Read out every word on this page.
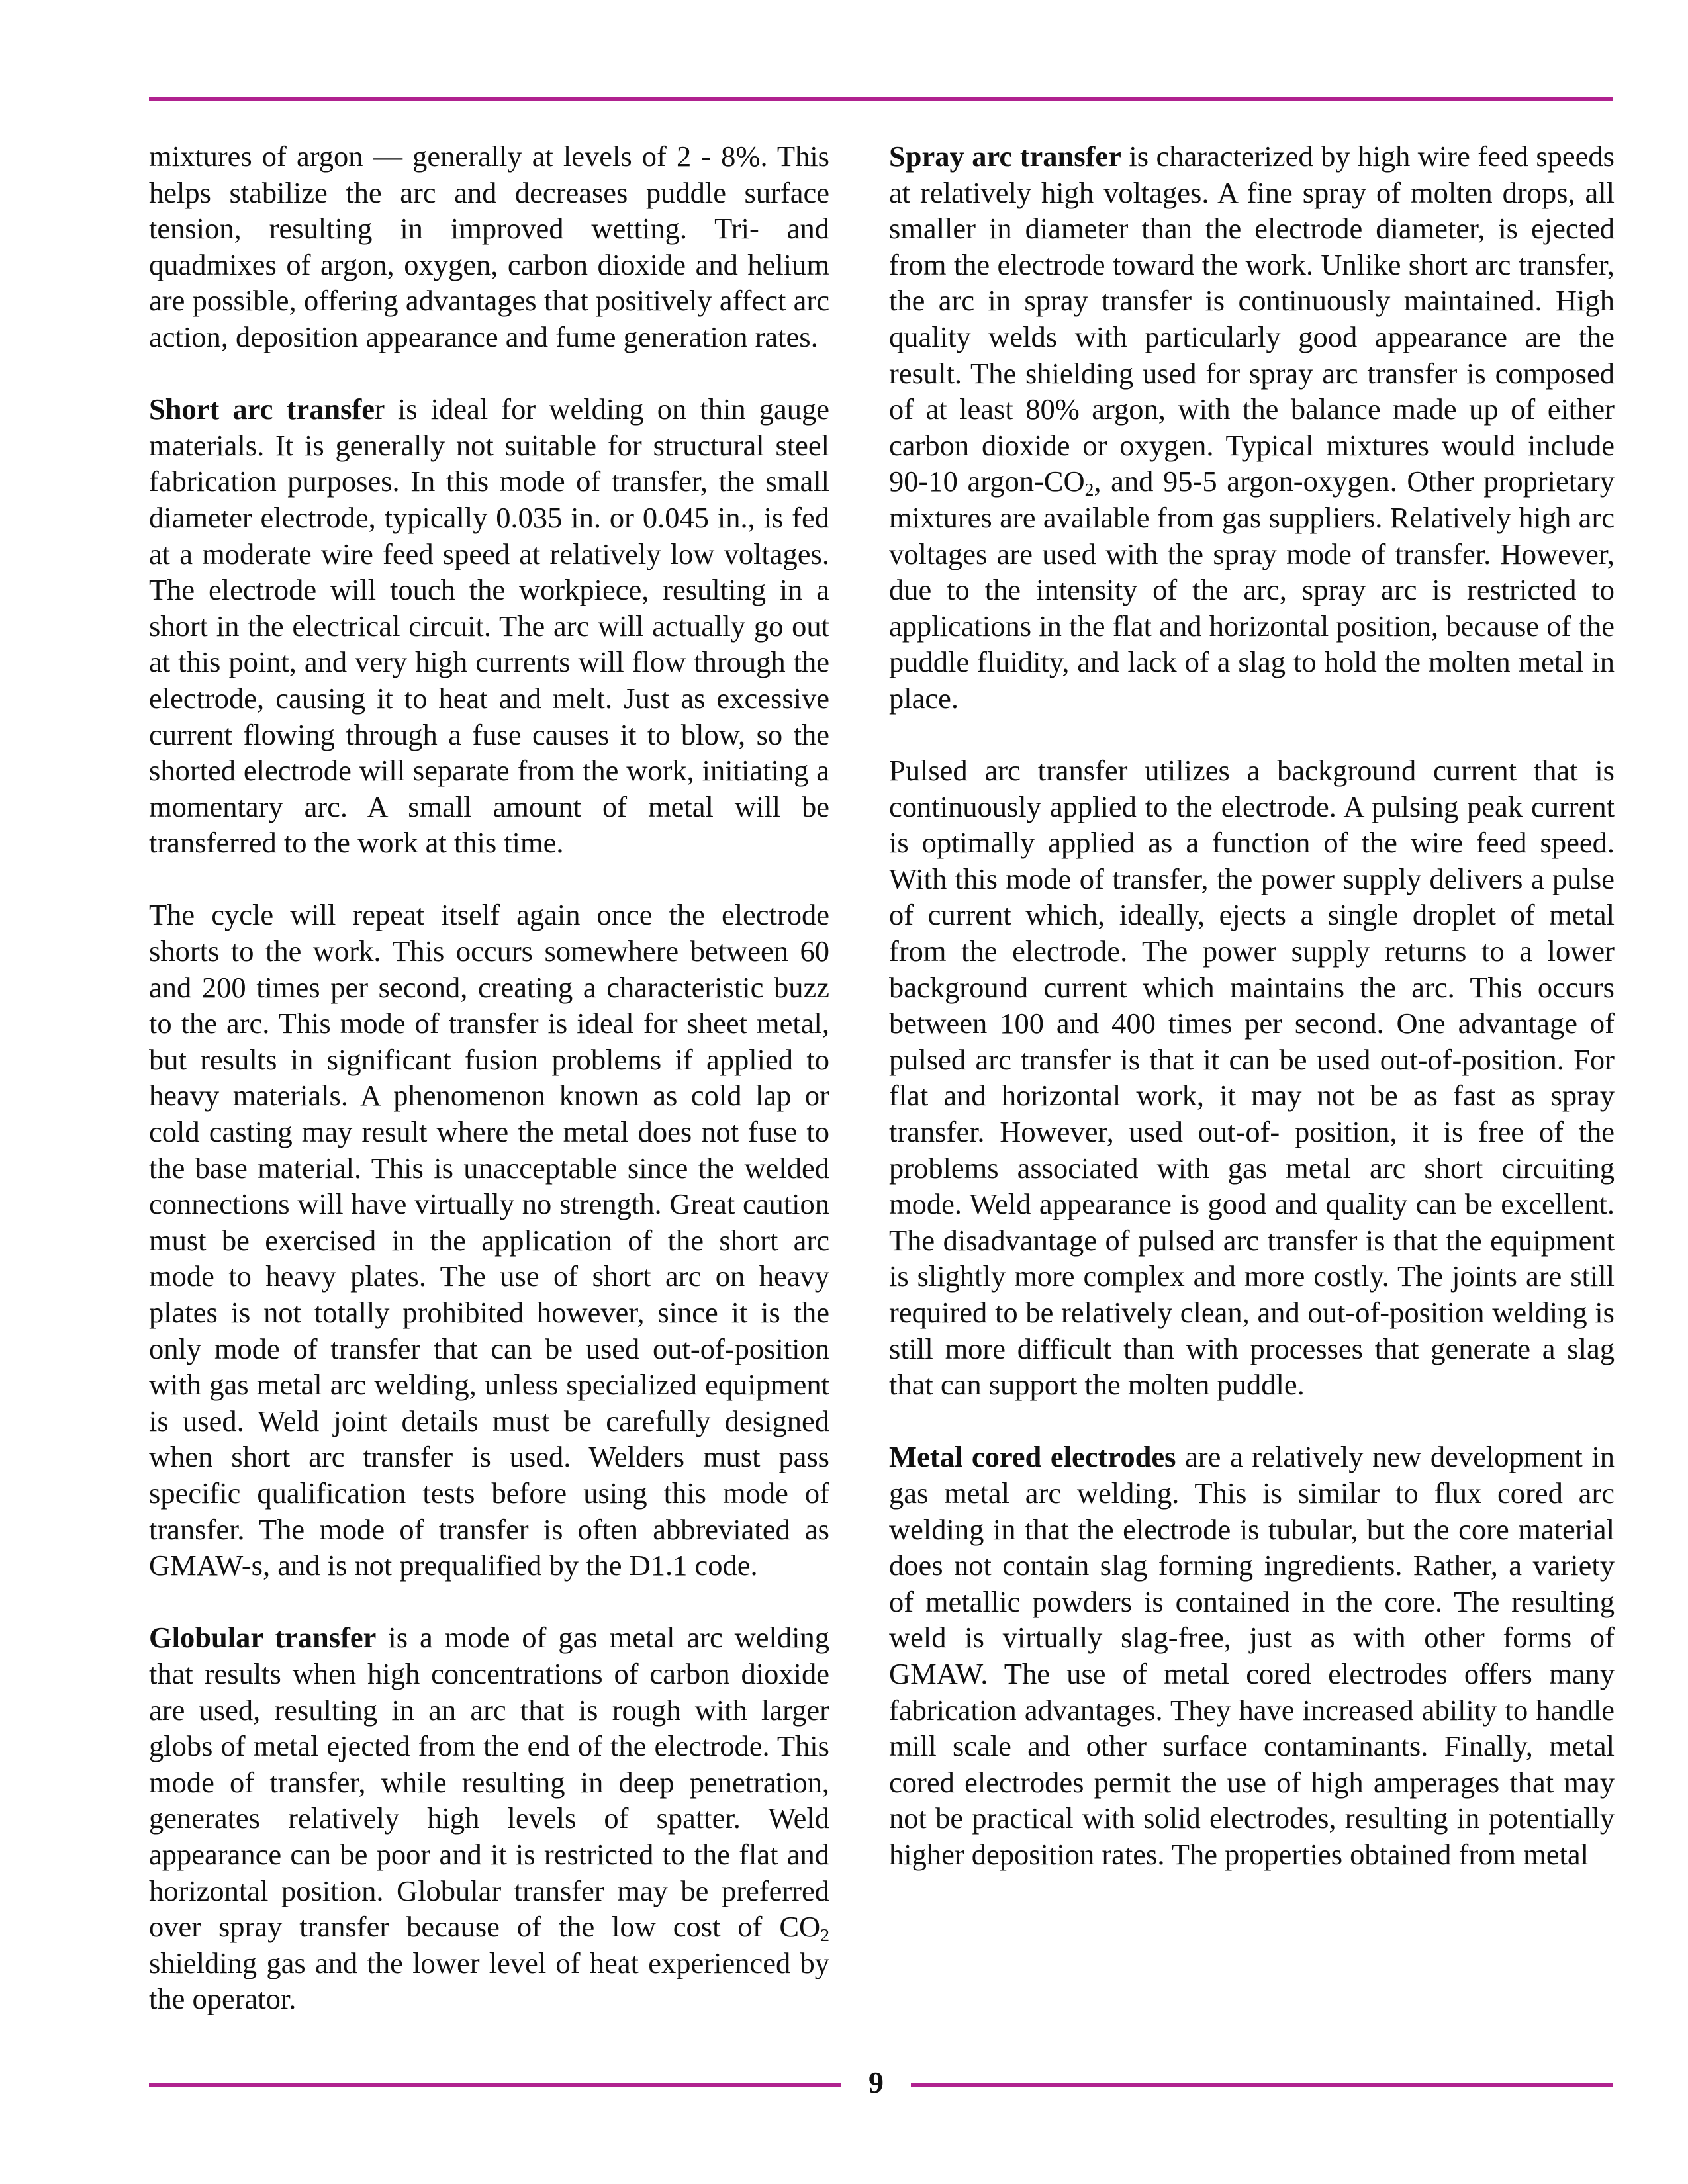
mixtures of argon — generally at levels of 2 - 8%. This helps stabilize the arc and decreases puddle surface tension, resulting in improved wetting. Tri- and quadmixes of argon, oxygen, carbon dioxide and helium are possible, offering advantages that positively affect arc action, deposition appearance and fume generation rates.

Short arc transfer is ideal for welding on thin gauge materials. It is generally not suitable for structural steel fabrication purposes. In this mode of transfer, the small diameter electrode, typically 0.035 in. or 0.045 in., is fed at a moderate wire feed speed at relatively low voltages. The electrode will touch the workpiece, resulting in a short in the electrical circuit. The arc will actually go out at this point, and very high currents will flow through the electrode, causing it to heat and melt. Just as excessive current flowing through a fuse causes it to blow, so the shorted electrode will separate from the work, initiating a momentary arc. A small amount of metal will be transferred to the work at this time.

The cycle will repeat itself again once the electrode shorts to the work. This occurs somewhere between 60 and 200 times per second, creating a characteristic buzz to the arc. This mode of transfer is ideal for sheet metal, but results in significant fusion problems if applied to heavy materials. A phenomenon known as cold lap or cold casting may result where the metal does not fuse to the base material. This is unacceptable since the welded connections will have virtually no strength. Great caution must be exercised in the application of the short arc mode to heavy plates. The use of short arc on heavy plates is not totally prohibited however, since it is the only mode of transfer that can be used out-of-position with gas metal arc welding, unless specialized equipment is used. Weld joint details must be carefully designed when short arc transfer is used. Welders must pass specific qualification tests before using this mode of transfer. The mode of transfer is often abbreviated as GMAW-s, and is not prequalified by the D1.1 code.

Globular transfer is a mode of gas metal arc welding that results when high concentrations of carbon dioxide are used, resulting in an arc that is rough with larger globs of metal ejected from the end of the electrode. This mode of transfer, while resulting in deep penetration, generates relatively high levels of spatter. Weld appearance can be poor and it is restricted to the flat and horizontal position. Globular transfer may be preferred over spray transfer because of the low cost of $CO_2$ shielding gas and the lower level of heat experienced by the operator.

Spray arc transfer is characterized by high wire feed speeds at relatively high voltages. A fine spray of molten drops, all smaller in diameter than the electrode diameter, is ejected from the electrode toward the work. Unlike short arc transfer, the arc in spray transfer is continuously maintained. High quality welds with particularly good appearance are the result. The shielding used for spray arc transfer is composed of at least 80% argon, with the balance made up of either carbon dioxide or oxygen. Typical mixtures would include 90-10 argon-$CO_2$, and 95-5 argon-oxygen. Other proprietary mixtures are available from gas suppliers. Relatively high arc voltages are used with the spray mode of transfer. However, due to the intensity of the arc, spray arc is restricted to applications in the flat and horizontal position, because of the puddle fluidity, and lack of a slag to hold the molten metal in place.

Pulsed arc transfer utilizes a background current that is continuously applied to the electrode. A pulsing peak current is optimally applied as a function of the wire feed speed. With this mode of transfer, the power supply delivers a pulse of current which, ideally, ejects a single droplet of metal from the electrode. The power supply returns to a lower background current which maintains the arc. This occurs between 100 and 400 times per second. One advantage of pulsed arc transfer is that it can be used out-of-position. For flat and horizontal work, it may not be as fast as spray transfer. However, used out-of- position, it is free of the problems associated with gas metal arc short circuiting mode. Weld appearance is good and quality can be excellent. The disadvantage of pulsed arc transfer is that the equipment is slightly more complex and more costly. The joints are still required to be relatively clean, and out-of-position welding is still more difficult than with processes that generate a slag that can support the molten puddle.

Metal cored electrodes are a relatively new development in gas metal arc welding. This is similar to flux cored arc welding in that the electrode is tubular, but the core material does not contain slag forming ingredients. Rather, a variety of metallic powders is contained in the core. The resulting weld is virtually slag-free, just as with other forms of GMAW. The use of metal cored electrodes offers many fabrication advantages. They have increased ability to handle mill scale and other surface contaminants. Finally, metal cored electrodes permit the use of high amperages that may not be practical with solid electrodes, resulting in potentially higher deposition rates. The properties obtained from metal

9
